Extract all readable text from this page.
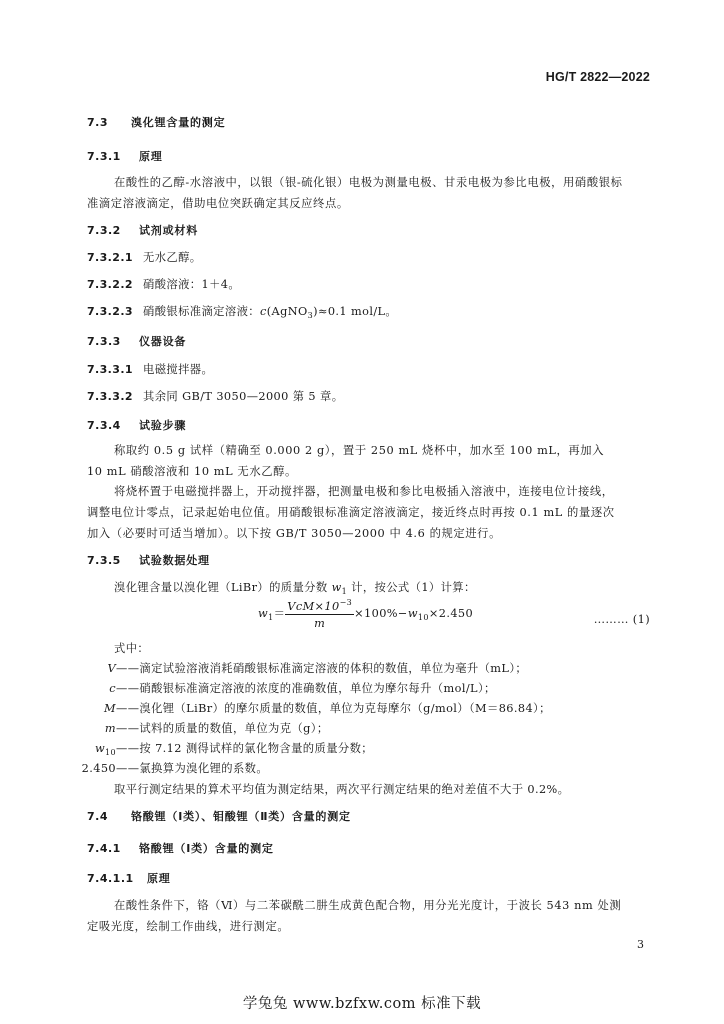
HG/T 2822—2022
7.3 溴化锂含量的测定
7.3.1 原理
在酸性的乙醇-水溶液中，以银（银-硫化银）电极为测量电极、甘汞电极为参比电极，用硝酸银标准滴定溶液滴定，借助电位突跃确定其反应终点。
7.3.2 试剂或材料
7.3.2.1 无水乙醇。
7.3.2.2 硝酸溶液：1＋4。
7.3.2.3 硝酸银标准滴定溶液：c(AgNO$_3$)≈0.1 mol/L。
7.3.3 仪器设备
7.3.3.1 电磁搅拌器。
7.3.3.2 其余同 GB/T 3050—2000 第 5 章。
7.3.4 试验步骤
称取约 0.5 g 试样（精确至 0.000 2 g），置于 250 mL 烧杯中，加水至 100 mL，再加入 10 mL 硝酸溶液和 10 mL 无水乙醇。
将烧杯置于电磁搅拌器上，开动搅拌器，把测量电极和参比电极插入溶液中，连接电位计接线，调整电位计零点，记录起始电位值。用硝酸银标准滴定溶液滴定，接近终点时再按 0.1 mL 的量逐次加入（必要时可适当增加）。以下按 GB/T 3050—2000 中 4.6 的规定进行。
7.3.5 试验数据处理
溴化锂含量以溴化锂（LiBr）的质量分数 $w_1$ 计，按公式（1）计算：
$w_1= \frac{VcM\times 10^{-3}}{m} \times 100\%-w_{10}\times 2.450$	……… (1)
式中：
V——滴定试验溶液消耗硝酸银标准滴定溶液的体积的数值，单位为毫升（mL）；
c——硝酸银标准滴定溶液的浓度的准确数值，单位为摩尔每升（mol/L）；
M——溴化锂（LiBr）的摩尔质量的数值，单位为克每摩尔（g/mol）（M＝86.84）；
m——试料的质量的数值，单位为克（g）；
$w_{10}——$按 7.12 测得试样的氯化物含量的质量分数；
2.450——氯换算为溴化锂的系数。
取平行测定结果的算术平均值为测定结果，两次平行测定结果的绝对差值不大于 0.2%。
7.4 铬酸锂（Ⅰ类）、钼酸锂（Ⅱ类）含量的测定
7.4.1 铬酸锂（Ⅰ类）含量的测定
7.4.1.1 原理
在酸性条件下，铬（Ⅵ）与二苯碳酰二肼生成黄色配合物，用分光光度计，于波长 543 nm 处测定吸光度，绘制工作曲线，进行测定。
3
学兔兔 www.bzfxw.com 标准下载
